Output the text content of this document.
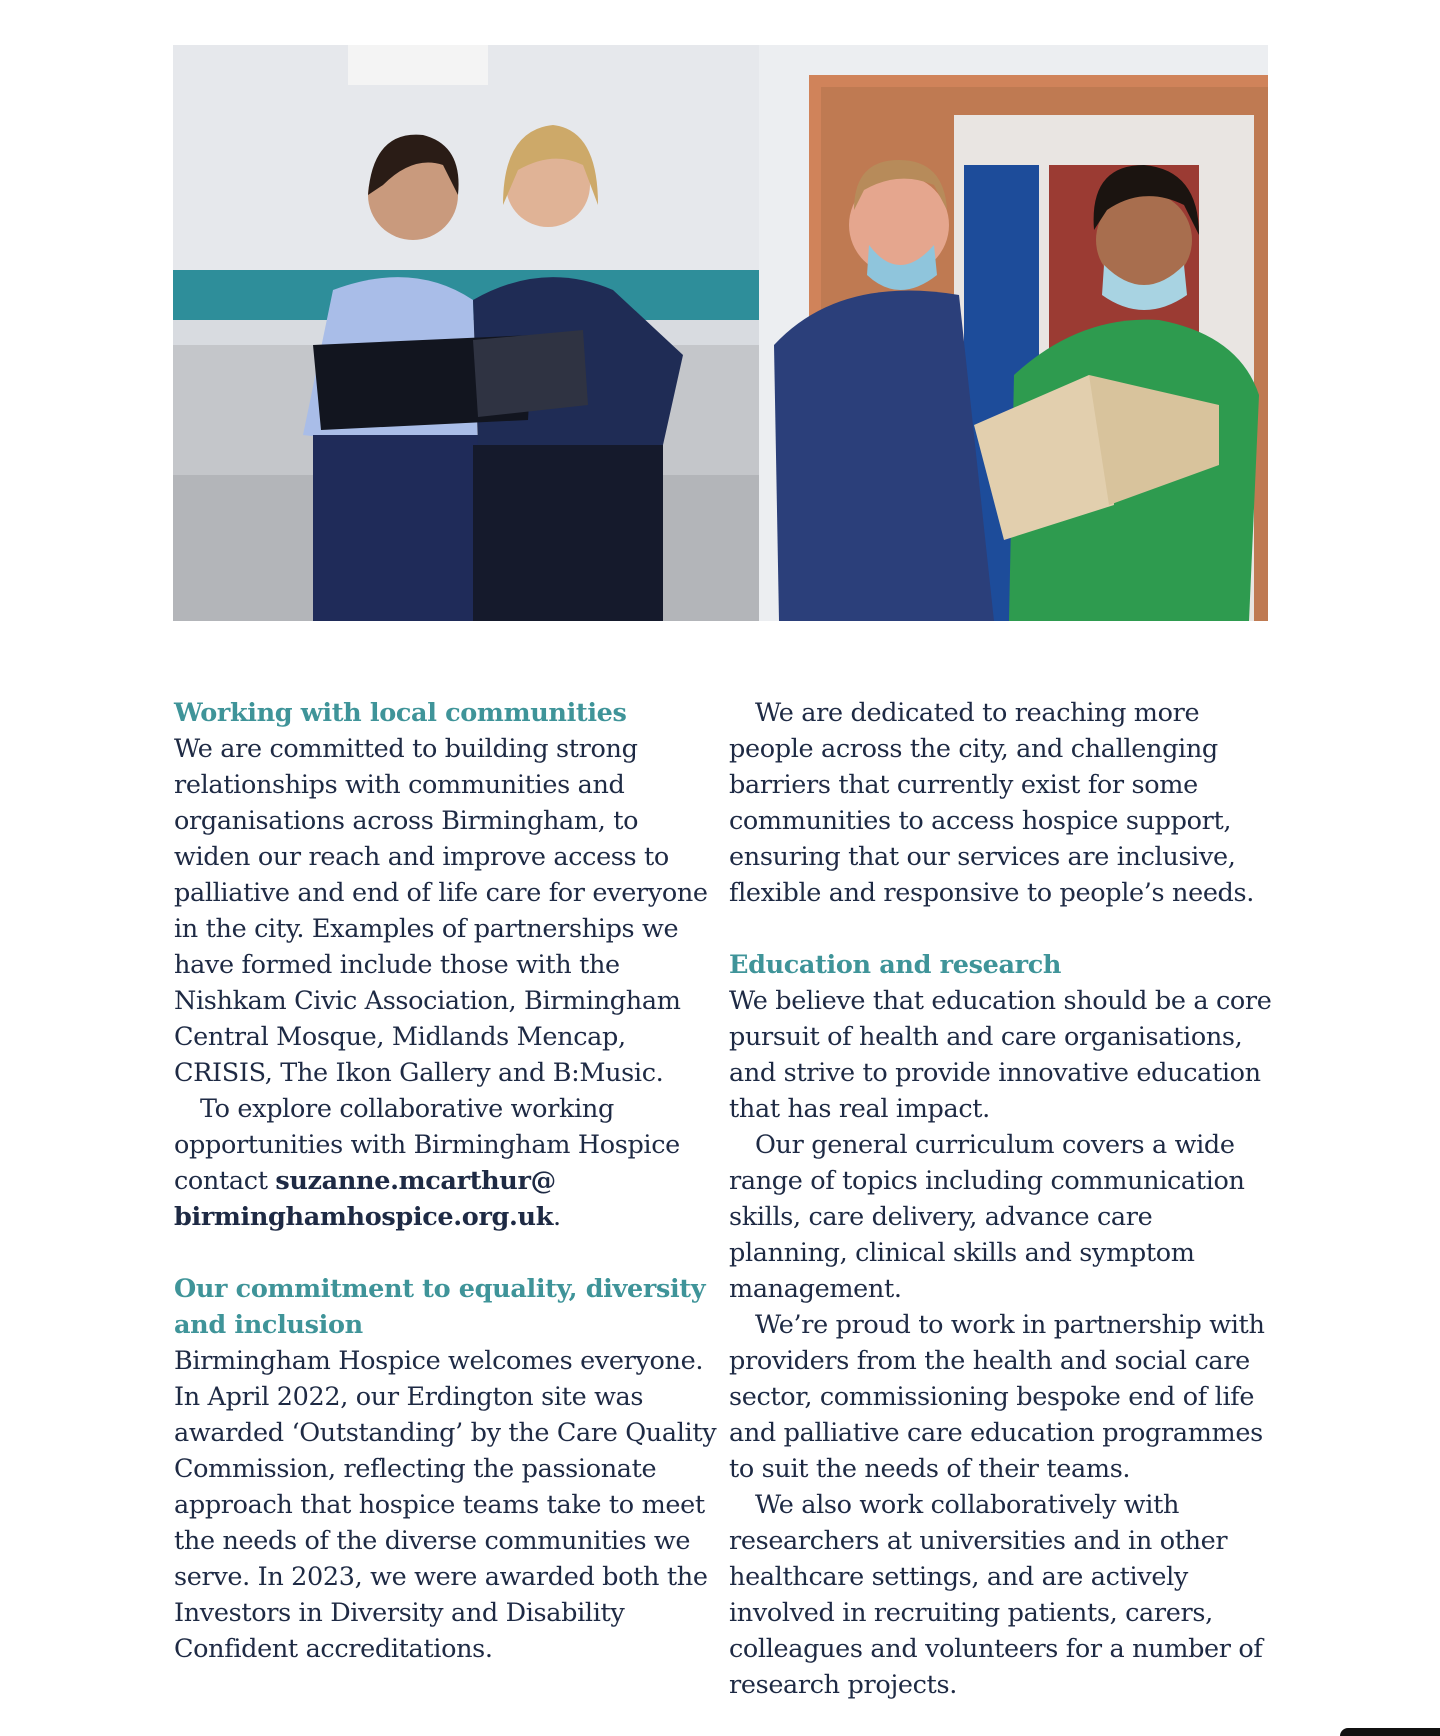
Working with local communities

We are committed to building strong relationships with communities and organisations across Birmingham, to widen our reach and improve access to palliative and end of life care for everyone in the city. Examples of partnerships we have formed include those with the Nishkam Civic Association, Birmingham Central Mosque, Midlands Mencap, CRISIS, The Ikon Gallery and B:Music.

To explore collaborative working opportunities with Birmingham Hospice contact suzanne.mcarthur@
birminghamhospice.org.uk.

Our commitment to equality, diversity and inclusion

Birmingham Hospice welcomes everyone. In April 2022, our Erdington site was awarded ‘Outstanding’ by the Care Quality Commission, reflecting the passionate approach that hospice teams take to meet the needs of the diverse communities we serve. In 2023, we were awarded both the Investors in Diversity and Disability Confident accreditations.

We are dedicated to reaching more people across the city, and challenging barriers that currently exist for some communities to access hospice support, ensuring that our services are inclusive, flexible and responsive to people’s needs.

Education and research

We believe that education should be a core pursuit of health and care organisations, and strive to provide innovative education that has real impact.

Our general curriculum covers a wide range of topics including communication skills, care delivery, advance care planning, clinical skills and symptom management.

We’re proud to work in partnership with providers from the health and social care sector, commissioning bespoke end of life and palliative care education programmes to suit the needs of their teams.

We also work collaboratively with researchers at universities and in other healthcare settings, and are actively involved in recruiting patients, carers, colleagues and volunteers for a number of research projects.
